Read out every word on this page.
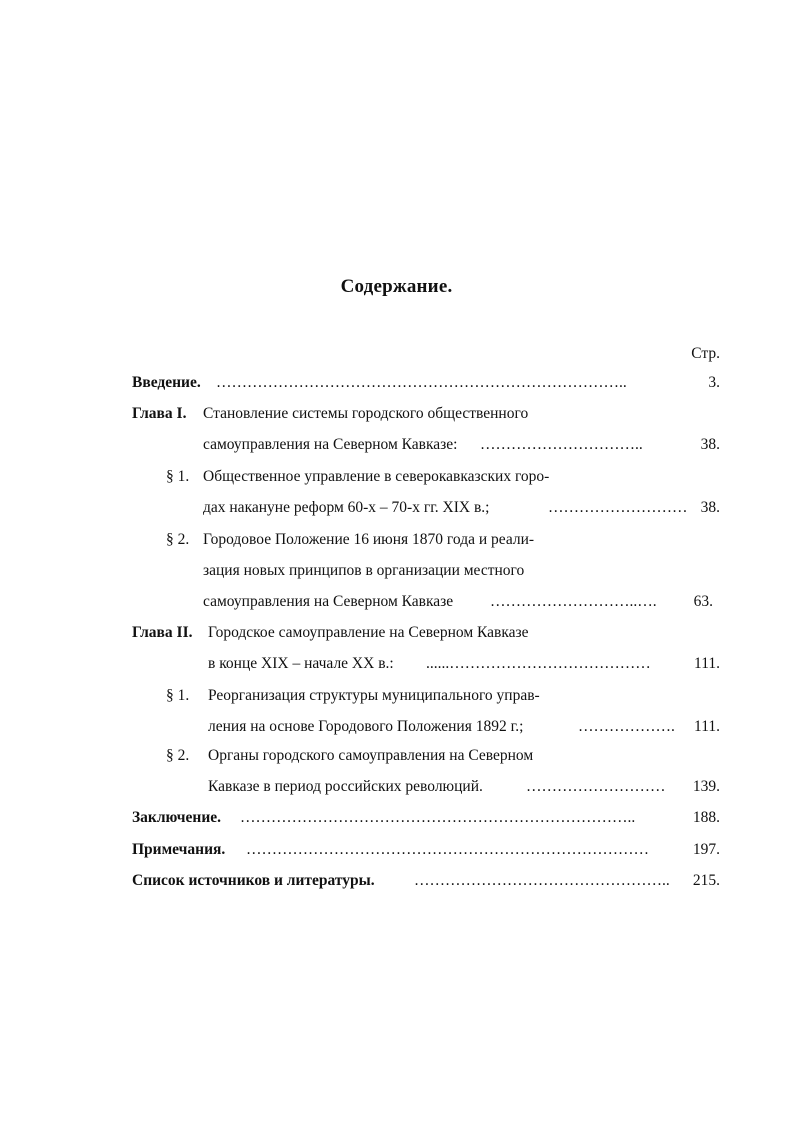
Содержание.
Стр.
Введение. ……………………………………………………………………..	3.
Глава I. Становление системы городского общественного
самоуправления на Северном Кавказе: …………………………..	38.
§ 1. Общественное управление в северокавказских горо-
дах накануне реформ 60-х – 70-х гг. XIX в.;	……………………… 38.
§ 2. Городовое Положение 16 июня 1870 года и реали-
зация новых принципов в организации местного
самоуправления на Северном Кавказе ………………………..…. 63.
Глава II. Городское самоуправление на Северном Кавказе
в конце XIX – начале XX в.: ......…………………………………	111.
§ 1. Реорганизация структуры муниципального управ-
ления на основе Городового Положения 1892 г.;	………………. 111.
§ 2. Органы городского самоуправления на Северном
Кавказе в период российских революций.	……………………… 139.
Заключение. …………………………………………………………………..	188.
Примечания. ……………………………………………………………………	197.
Список источников и литературы.	………………………………………….. 215.
